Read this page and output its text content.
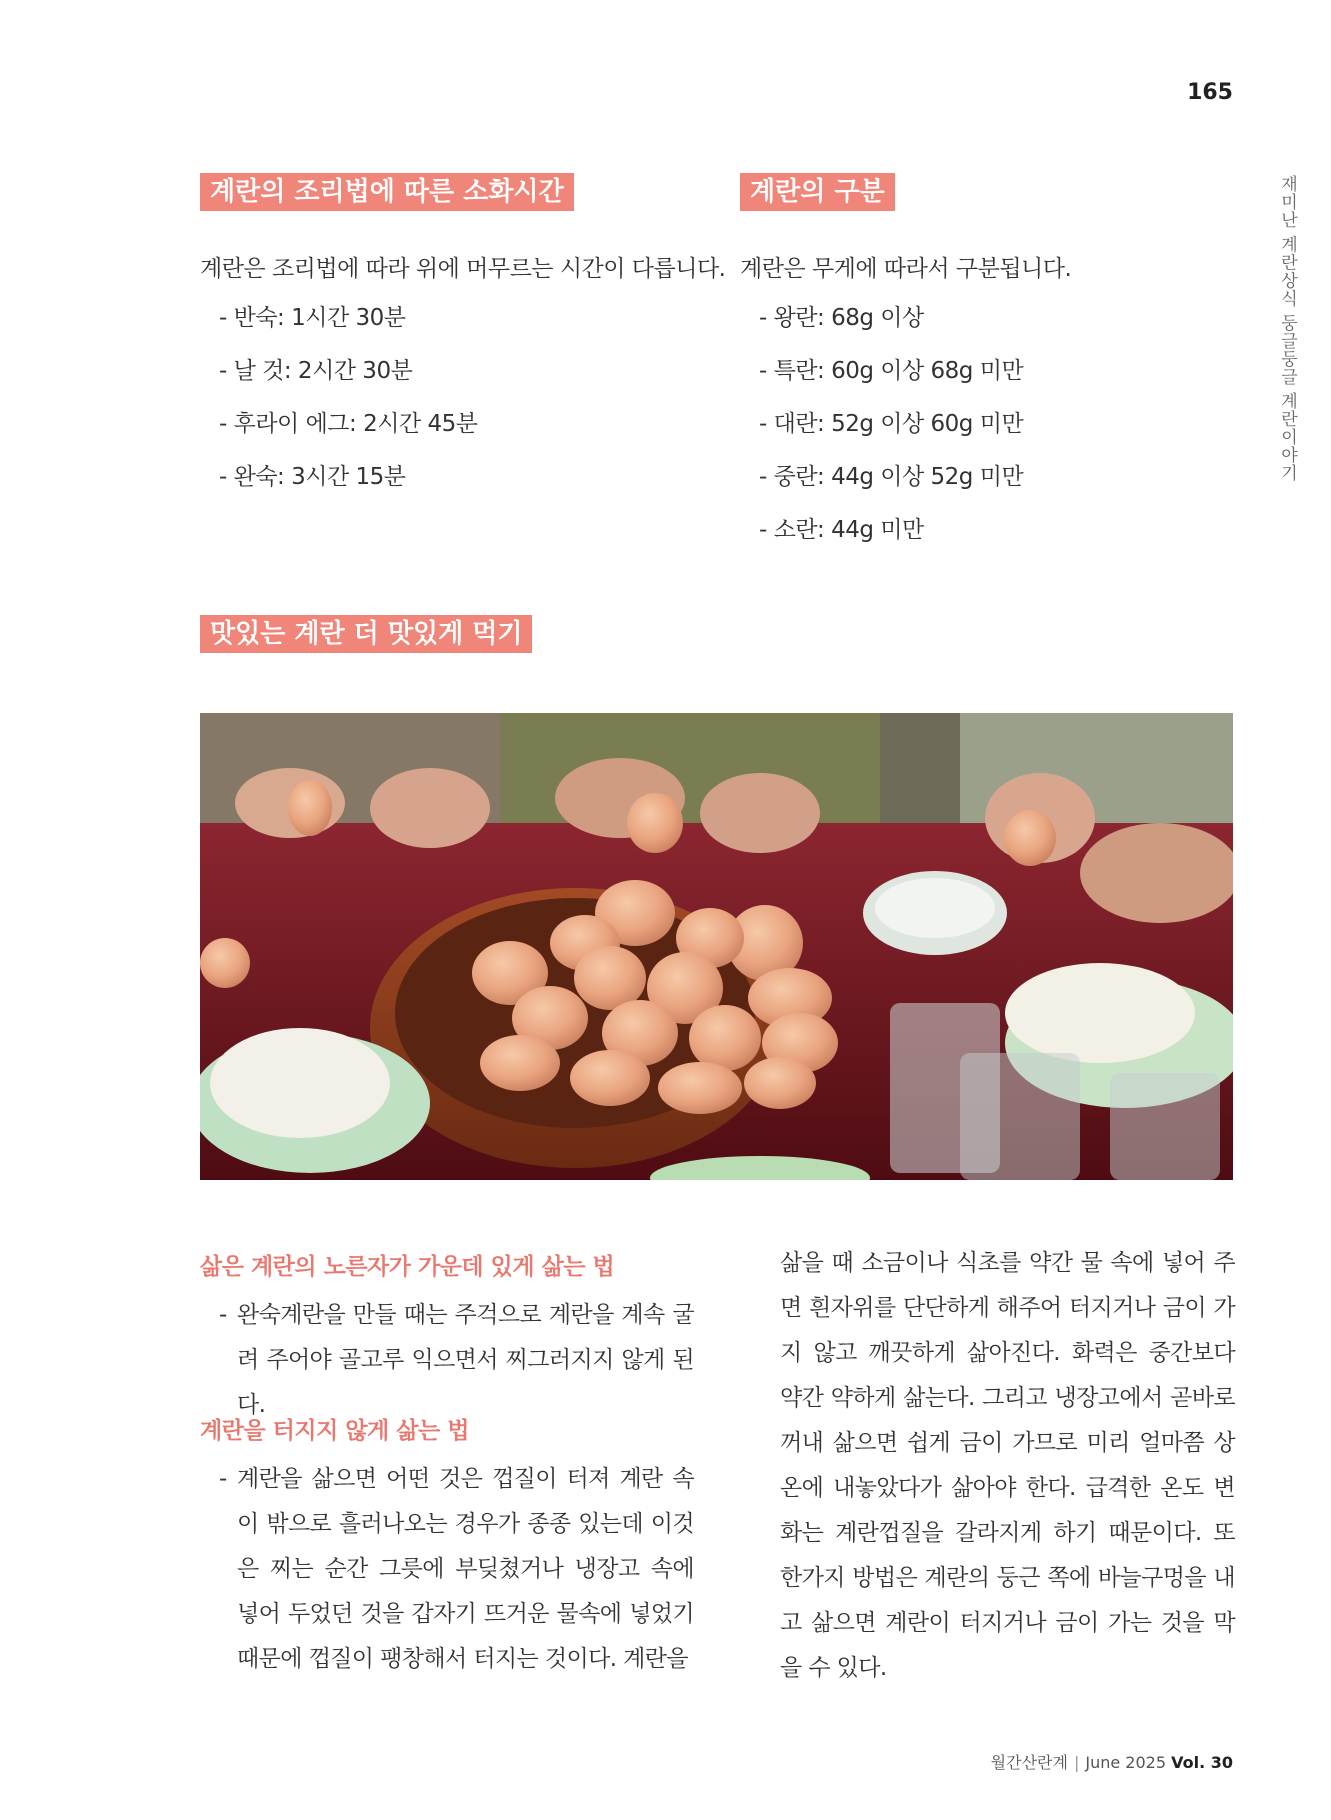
165
재미난 계란상식 둥글둥글 계란이야기
계란의 조리법에 따른 소화시간
계란은 조리법에 따라 위에 머무르는 시간이 다릅니다.
- 반숙: 1시간 30분
- 날 것: 2시간 30분
- 후라이 에그: 2시간 45분
- 완숙: 3시간 15분
계란의 구분
계란은 무게에 따라서 구분됩니다.
- 왕란: 68g 이상
- 특란: 60g 이상 68g 미만
- 대란: 52g 이상 60g 미만
- 중란: 44g 이상 52g 미만
- 소란: 44g 미만
맛있는 계란 더 맛있게 먹기
삶은 계란의 노른자가 가운데 있게 삶는 법
- 완숙계란을 만들 때는 주걱으로 계란을 계속 굴려 주어야 골고루 익으면서 찌그러지지 않게 된다.
계란을 터지지 않게 삶는 법
- 계란을 삶으면 어떤 것은 껍질이 터져 계란 속이 밖으로 흘러나오는 경우가 종종 있는데 이것은 찌는 순간 그릇에 부딪쳤거나 냉장고 속에 넣어 두었던 것을 갑자기 뜨거운 물속에 넣었기 때문에 껍질이 팽창해서 터지는 것이다. 계란을
삶을 때 소금이나 식초를 약간 물 속에 넣어 주면 흰자위를 단단하게 해주어 터지거나 금이 가지 않고 깨끗하게 삶아진다. 화력은 중간보다 약간 약하게 삶는다. 그리고 냉장고에서 곧바로 꺼내 삶으면 쉽게 금이 가므로 미리 얼마쯤 상온에 내놓았다가 삶아야 한다. 급격한 온도 변화는 계란껍질을 갈라지게 하기 때문이다. 또 한가지 방법은 계란의 둥근 쪽에 바늘구멍을 내고 삶으면 계란이 터지거나 금이 가는 것을 막을 수 있다.
월간산란계 | June 2025 Vol. 30
